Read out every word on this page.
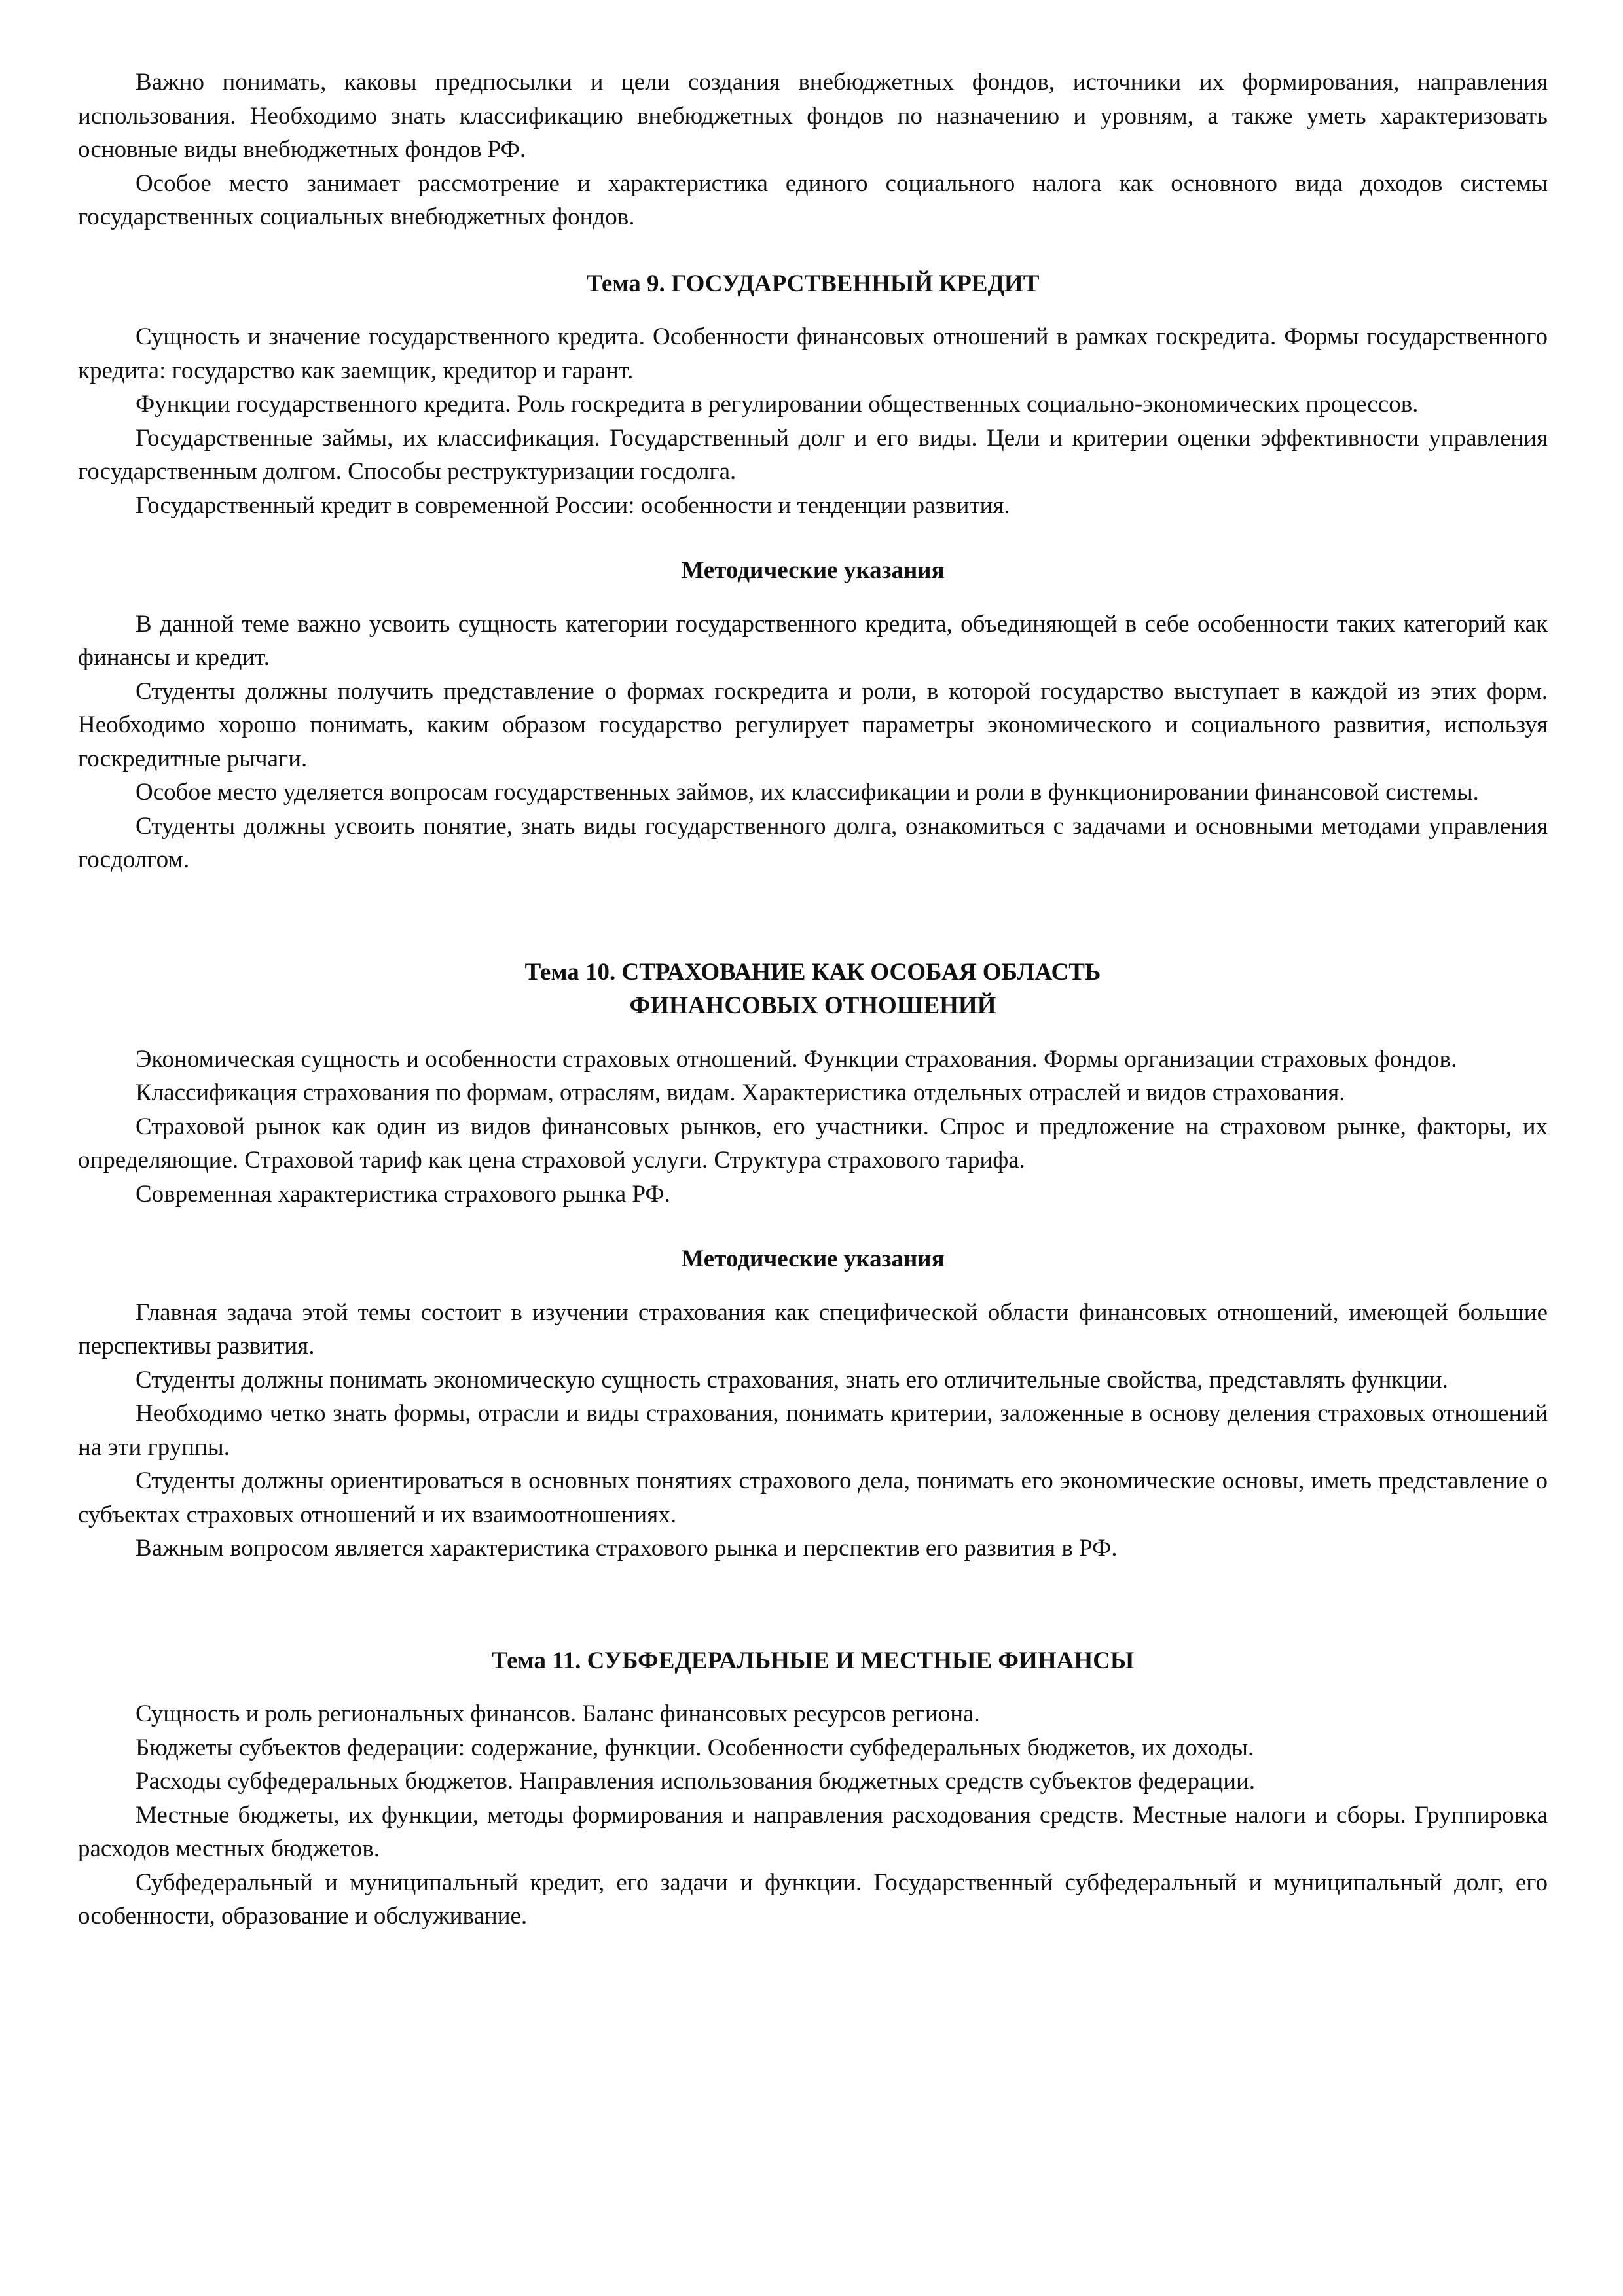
Важно понимать, каковы предпосылки и цели создания внебюджетных фондов, источники их формирования, направления использования. Необходимо знать классификацию внебюджетных фондов по назначению и уровням, а также уметь характеризовать основные виды внебюджетных фондов РФ.

Особое место занимает рассмотрение и характеристика единого социального налога как основного вида доходов системы государственных социальных внебюджетных фондов.

Тема 9. ГОСУДАРСТВЕННЫЙ КРЕДИТ

Сущность и значение государственного кредита. Особенности финансовых отношений в рамках госкредита. Формы государственного кредита: государство как заемщик, кредитор и гарант.

Функции государственного кредита. Роль госкредита в регулировании общественных социально-экономических процессов.

Государственные займы, их классификация. Государственный долг и его виды. Цели и критерии оценки эффективности управления государственным долгом. Способы реструктуризации госдолга.

Государственный кредит в современной России: особенности и тенденции развития.

Методические указания

В данной теме важно усвоить сущность категории государственного кредита, объединяющей в себе особенности таких категорий как финансы и кредит.

Студенты должны получить представление о формах госкредита и роли, в которой государство выступает в каждой из этих форм. Необходимо хорошо понимать, каким образом государство регулирует параметры экономического и социального развития, используя госкредитные рычаги.

Особое место уделяется вопросам государственных займов, их классификации и роли в функционировании финансовой системы.

Студенты должны усвоить понятие, знать виды государственного долга, ознакомиться с задачами и основными методами управления госдолгом.

Тема 10. СТРАХОВАНИЕ КАК ОСОБАЯ ОБЛАСТЬ
ФИНАНСОВЫХ ОТНОШЕНИЙ

Экономическая сущность и особенности страховых отношений. Функции страхования. Формы организации страховых фондов.

Классификация страхования по формам, отраслям, видам. Характеристика отдельных отраслей и видов страхования.

Страховой рынок как один из видов финансовых рынков, его участники. Спрос и предложение на страховом рынке, факторы, их определяющие. Страховой тариф как цена страховой услуги. Структура страхового тарифа.

Современная характеристика страхового рынка РФ.

Методические указания

Главная задача этой темы состоит в изучении страхования как специфической области финансовых отношений, имеющей большие перспективы развития.

Студенты должны понимать экономическую сущность страхования, знать его отличительные свойства, представлять функции.

Необходимо четко знать формы, отрасли и виды страхования, понимать критерии, заложенные в основу деления страховых отношений на эти группы.

Студенты должны ориентироваться в основных понятиях страхового дела, понимать его экономические основы, иметь представление о субъектах страховых отношений и их взаимоотношениях.

Важным вопросом является характеристика страхового рынка и перспектив его развития в РФ.

Тема 11. СУБФЕДЕРАЛЬНЫЕ И МЕСТНЫЕ ФИНАНСЫ

Сущность и роль региональных финансов. Баланс финансовых ресурсов региона.

Бюджеты субъектов федерации: содержание, функции. Особенности субфедеральных бюджетов, их доходы.

Расходы субфедеральных бюджетов. Направления использования бюджетных средств субъектов федерации.

Местные бюджеты, их функции, методы формирования и направления расходования средств. Местные налоги и сборы. Группировка расходов местных бюджетов.

Субфедеральный и муниципальный кредит, его задачи и функции. Государственный субфедеральный и муниципальный долг, его особенности, образование и обслуживание.
